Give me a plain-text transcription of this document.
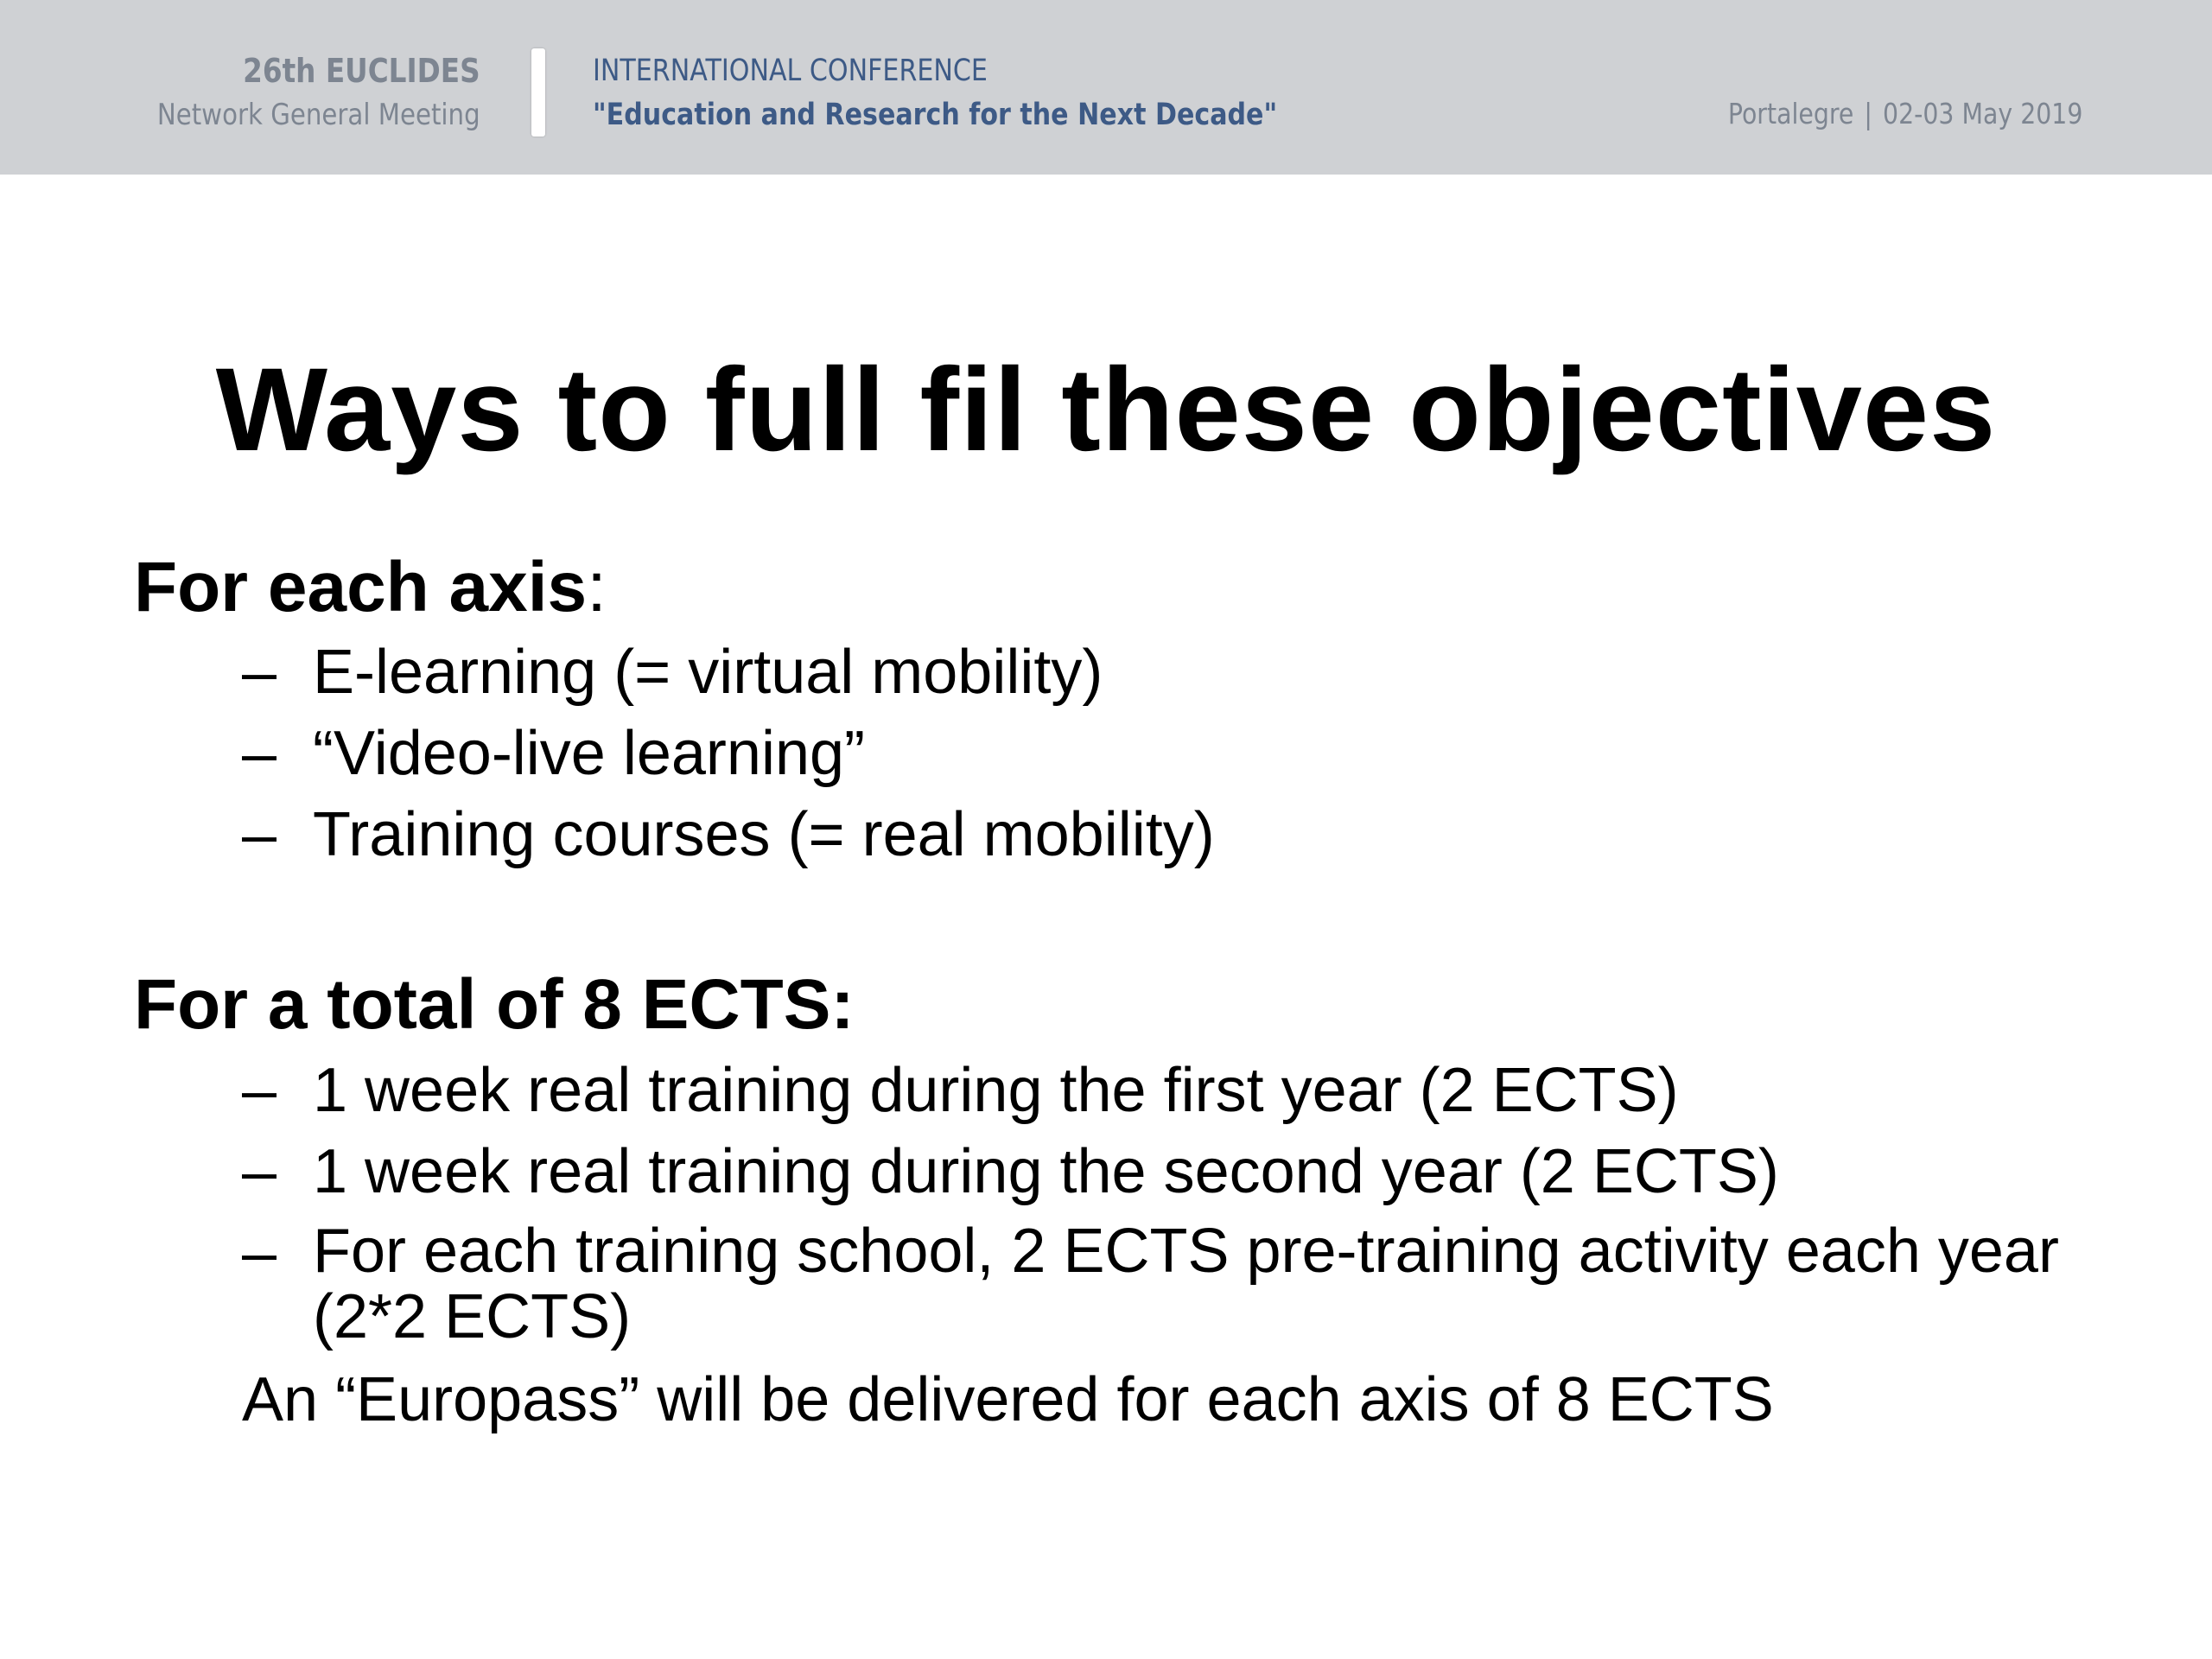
26th EUCLIDES
Network General Meeting
INTERNATIONAL CONFERENCE
"Education and Research for the Next Decade"	Portalegre | 02-03 May 2019
Ways to full fil these objectives
For each axis:
– E-learning (= virtual mobility)
– “Video-live learning”
– Training courses (= real mobility)
For a total of 8 ECTS:
– 1 week real training during the first year (2 ECTS)
– 1 week real training during the second year (2 ECTS)
– For each training school, 2 ECTS pre-training activity each year (2*2 ECTS)
An “Europass” will be delivered for each axis of 8 ECTS
